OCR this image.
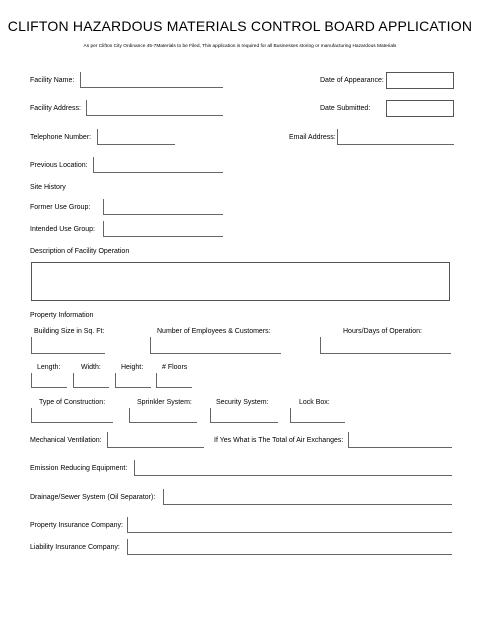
CLIFTON HAZARDOUS MATERIALS CONTROL BOARD APPLICATION
As per Clifton City Ordinance 45-7Materials to be Filed, This application is required for all Businesses storing or manufacturing Hazardous Materials
Facility Name:	Date of Appearance:
Facility Address:	Date Submitted:
Telephone Number:	Email Address:
Previous Location:
Site History
Former Use Group:
Intended Use Group:
Description of Facility Operation
Property Information
Building Size in Sq. Ft:	Number of Employees & Customers:	Hours/Days of Operation:
Length:	Width:	Height:	# Floors
Type of Construction:	Sprinkler System:	Security System:	Lock Box:
Mechanical Ventilation:	If Yes What is The Total of Air Exchanges:
Emission Reducing Equipment:
Drainage/Sewer System (Oil Separator):
Property Insurance Company:
Liability Insurance Company:
